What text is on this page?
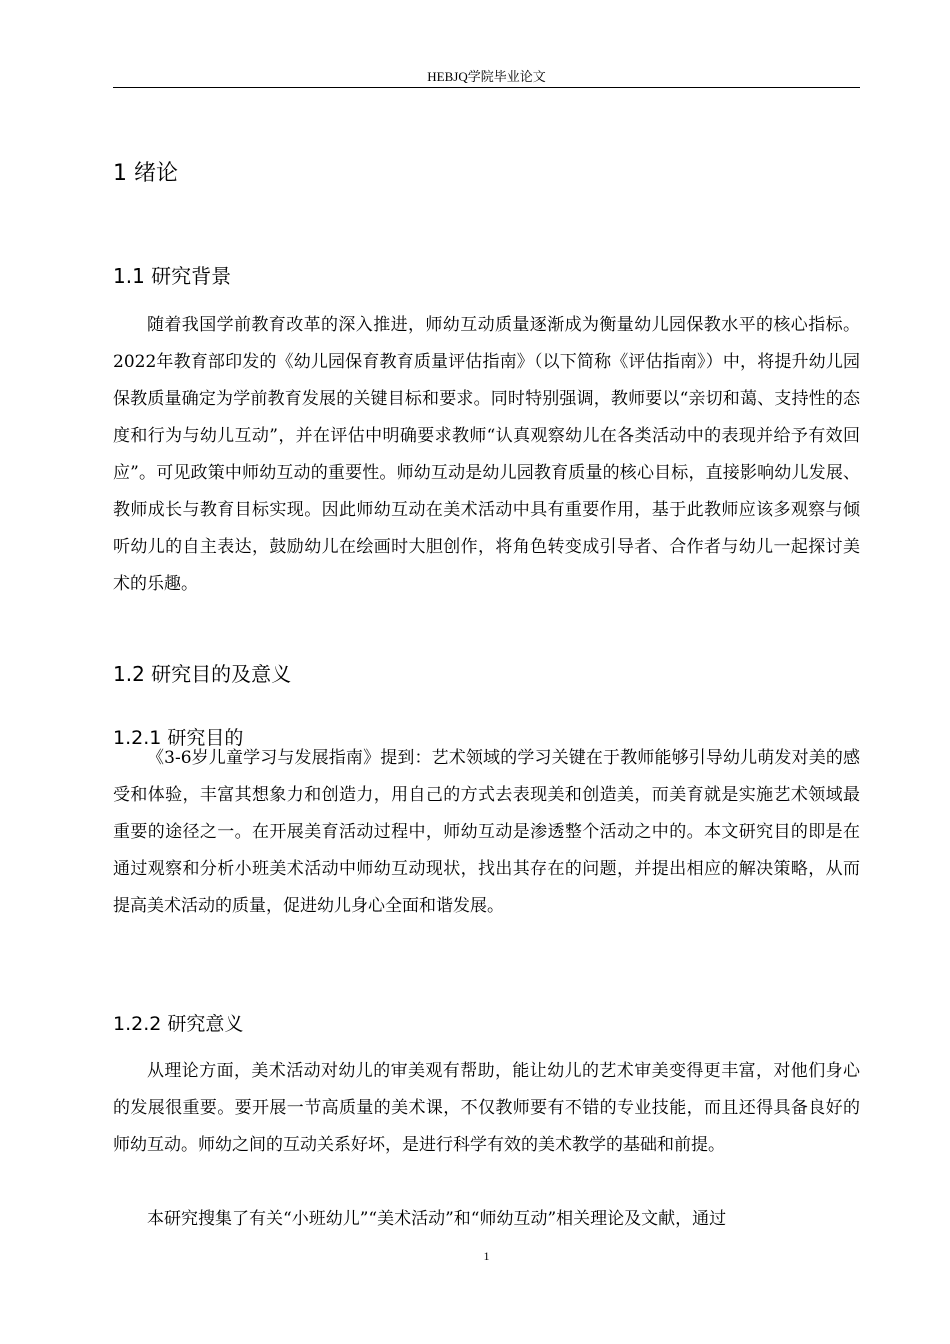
HEBJQ学院毕业论文
1 绪论
1.1 研究背景

随着我国学前教育改革的深入推进，师幼互动质量逐渐成为衡量幼儿园保教水平的核心指标。2022年教育部印发的《幼儿园保育教育质量评估指南》（以下简称《评估指南》）中，将提升幼儿园保教质量确定为学前教育发展的关键目标和要求。同时特别强调，教师要以“亲切和蔼、支持性的态度和行为与幼儿互动”，并在评估中明确要求教师“认真观察幼儿在各类活动中的表现并给予有效回应”。可见政策中师幼互动的重要性。师幼互动是幼儿园教育质量的核心目标，直接影响幼儿发展、教师成长与教育目标实现。因此师幼互动在美术活动中具有重要作用，基于此教师应该多观察与倾听幼儿的自主表达，鼓励幼儿在绘画时大胆创作，将角色转变成引导者、合作者与幼儿一起探讨美术的乐趣。

1.2 研究目的及意义
1.2.1 研究目的

《3-6岁儿童学习与发展指南》提到：艺术领域的学习关键在于教师能够引导幼儿萌发对美的感受和体验，丰富其想象力和创造力，用自己的方式去表现美和创造美，而美育就是实施艺术领域最重要的途径之一。在开展美育活动过程中，师幼互动是渗透整个活动之中的。本文研究目的即是在通过观察和分析小班美术活动中师幼互动现状，找出其存在的问题，并提出相应的解决策略，从而提高美术活动的质量，促进幼儿身心全面和谐发展。

1.2.2 研究意义

从理论方面，美术活动对幼儿的审美观有帮助，能让幼儿的艺术审美变得更丰富，对他们身心的发展很重要。要开展一节高质量的美术课，不仅教师要有不错的专业技能，而且还得具备良好的师幼互动。师幼之间的互动关系好坏，是进行科学有效的美术教学的基础和前提。

本研究搜集了有关“小班幼儿”“美术活动”和“师幼互动”相关理论及文献，通过

1
